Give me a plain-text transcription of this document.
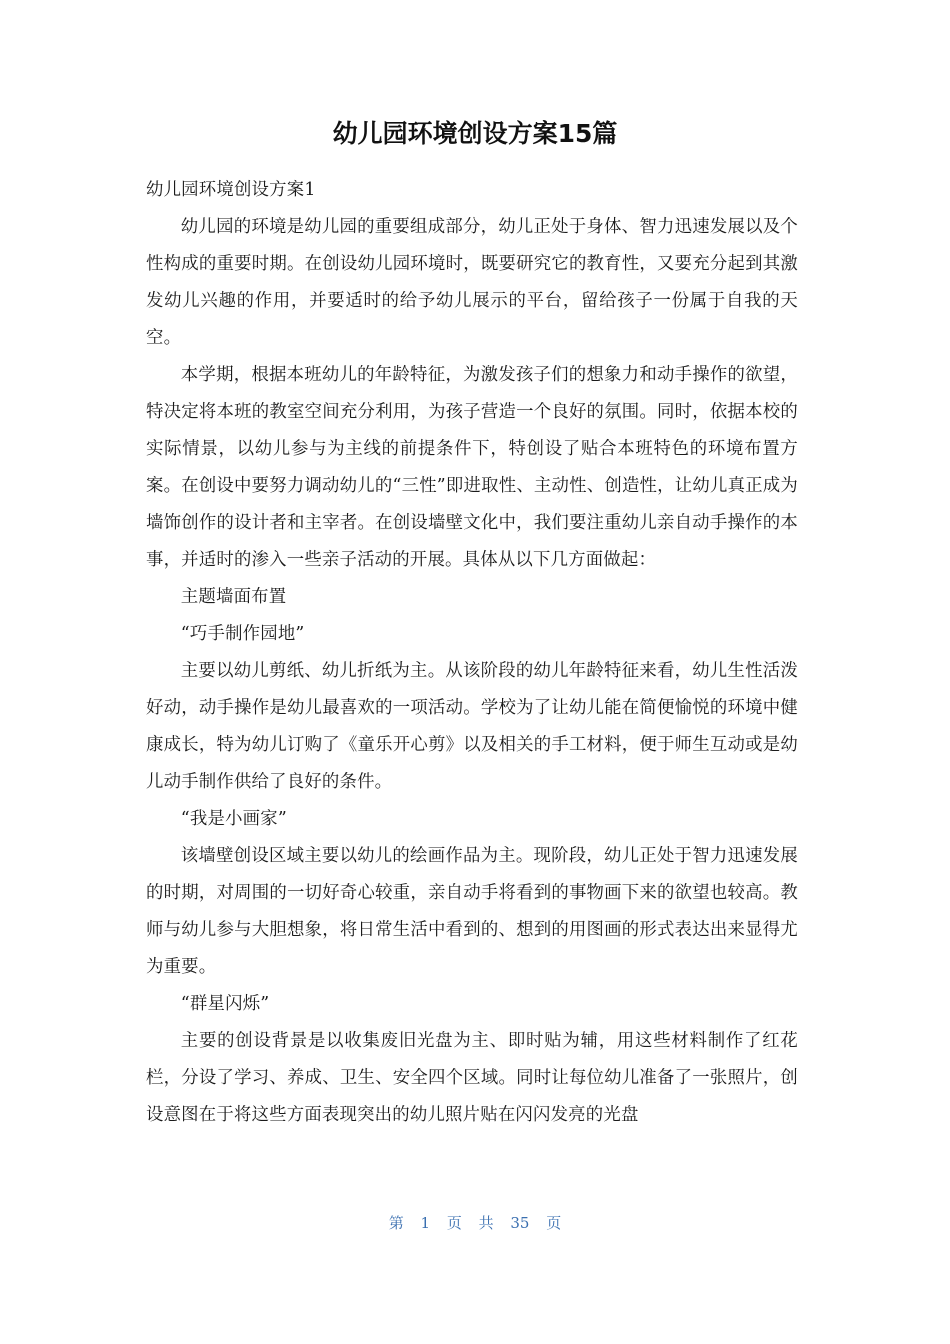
幼儿园环境创设方案15篇

幼儿园环境创设方案1

幼儿园的环境是幼儿园的重要组成部分，幼儿正处于身体、智力迅速发展以及个性构成的重要时期。在创设幼儿园环境时，既要研究它的教育性，又要充分起到其激发幼儿兴趣的作用，并要适时的给予幼儿展示的平台，留给孩子一份属于自我的天空。

本学期，根据本班幼儿的年龄特征，为激发孩子们的想象力和动手操作的欲望，特决定将本班的教室空间充分利用，为孩子营造一个良好的氛围。同时，依据本校的实际情景，以幼儿参与为主线的前提条件下，特创设了贴合本班特色的环境布置方案。在创设中要努力调动幼儿的“三性”即进取性、主动性、创造性，让幼儿真正成为墙饰创作的设计者和主宰者。在创设墙壁文化中，我们要注重幼儿亲自动手操作的本事，并适时的渗入一些亲子活动的开展。具体从以下几方面做起：

主题墙面布置

“巧手制作园地”

主要以幼儿剪纸、幼儿折纸为主。从该阶段的幼儿年龄特征来看，幼儿生性活泼好动，动手操作是幼儿最喜欢的一项活动。学校为了让幼儿能在简便愉悦的环境中健康成长，特为幼儿订购了《童乐开心剪》以及相关的手工材料，便于师生互动或是幼儿动手制作供给了良好的条件。

“我是小画家”

该墙壁创设区域主要以幼儿的绘画作品为主。现阶段，幼儿正处于智力迅速发展的时期，对周围的一切好奇心较重，亲自动手将看到的事物画下来的欲望也较高。教师与幼儿参与大胆想象，将日常生活中看到的、想到的用图画的形式表达出来显得尤为重要。

“群星闪烁”

主要的创设背景是以收集废旧光盘为主、即时贴为辅，用这些材料制作了红花栏，分设了学习、养成、卫生、安全四个区域。同时让每位幼儿准备了一张照片，创设意图在于将这些方面表现突出的幼儿照片贴在闪闪发亮的光盘

第 1 页 共 35 页
